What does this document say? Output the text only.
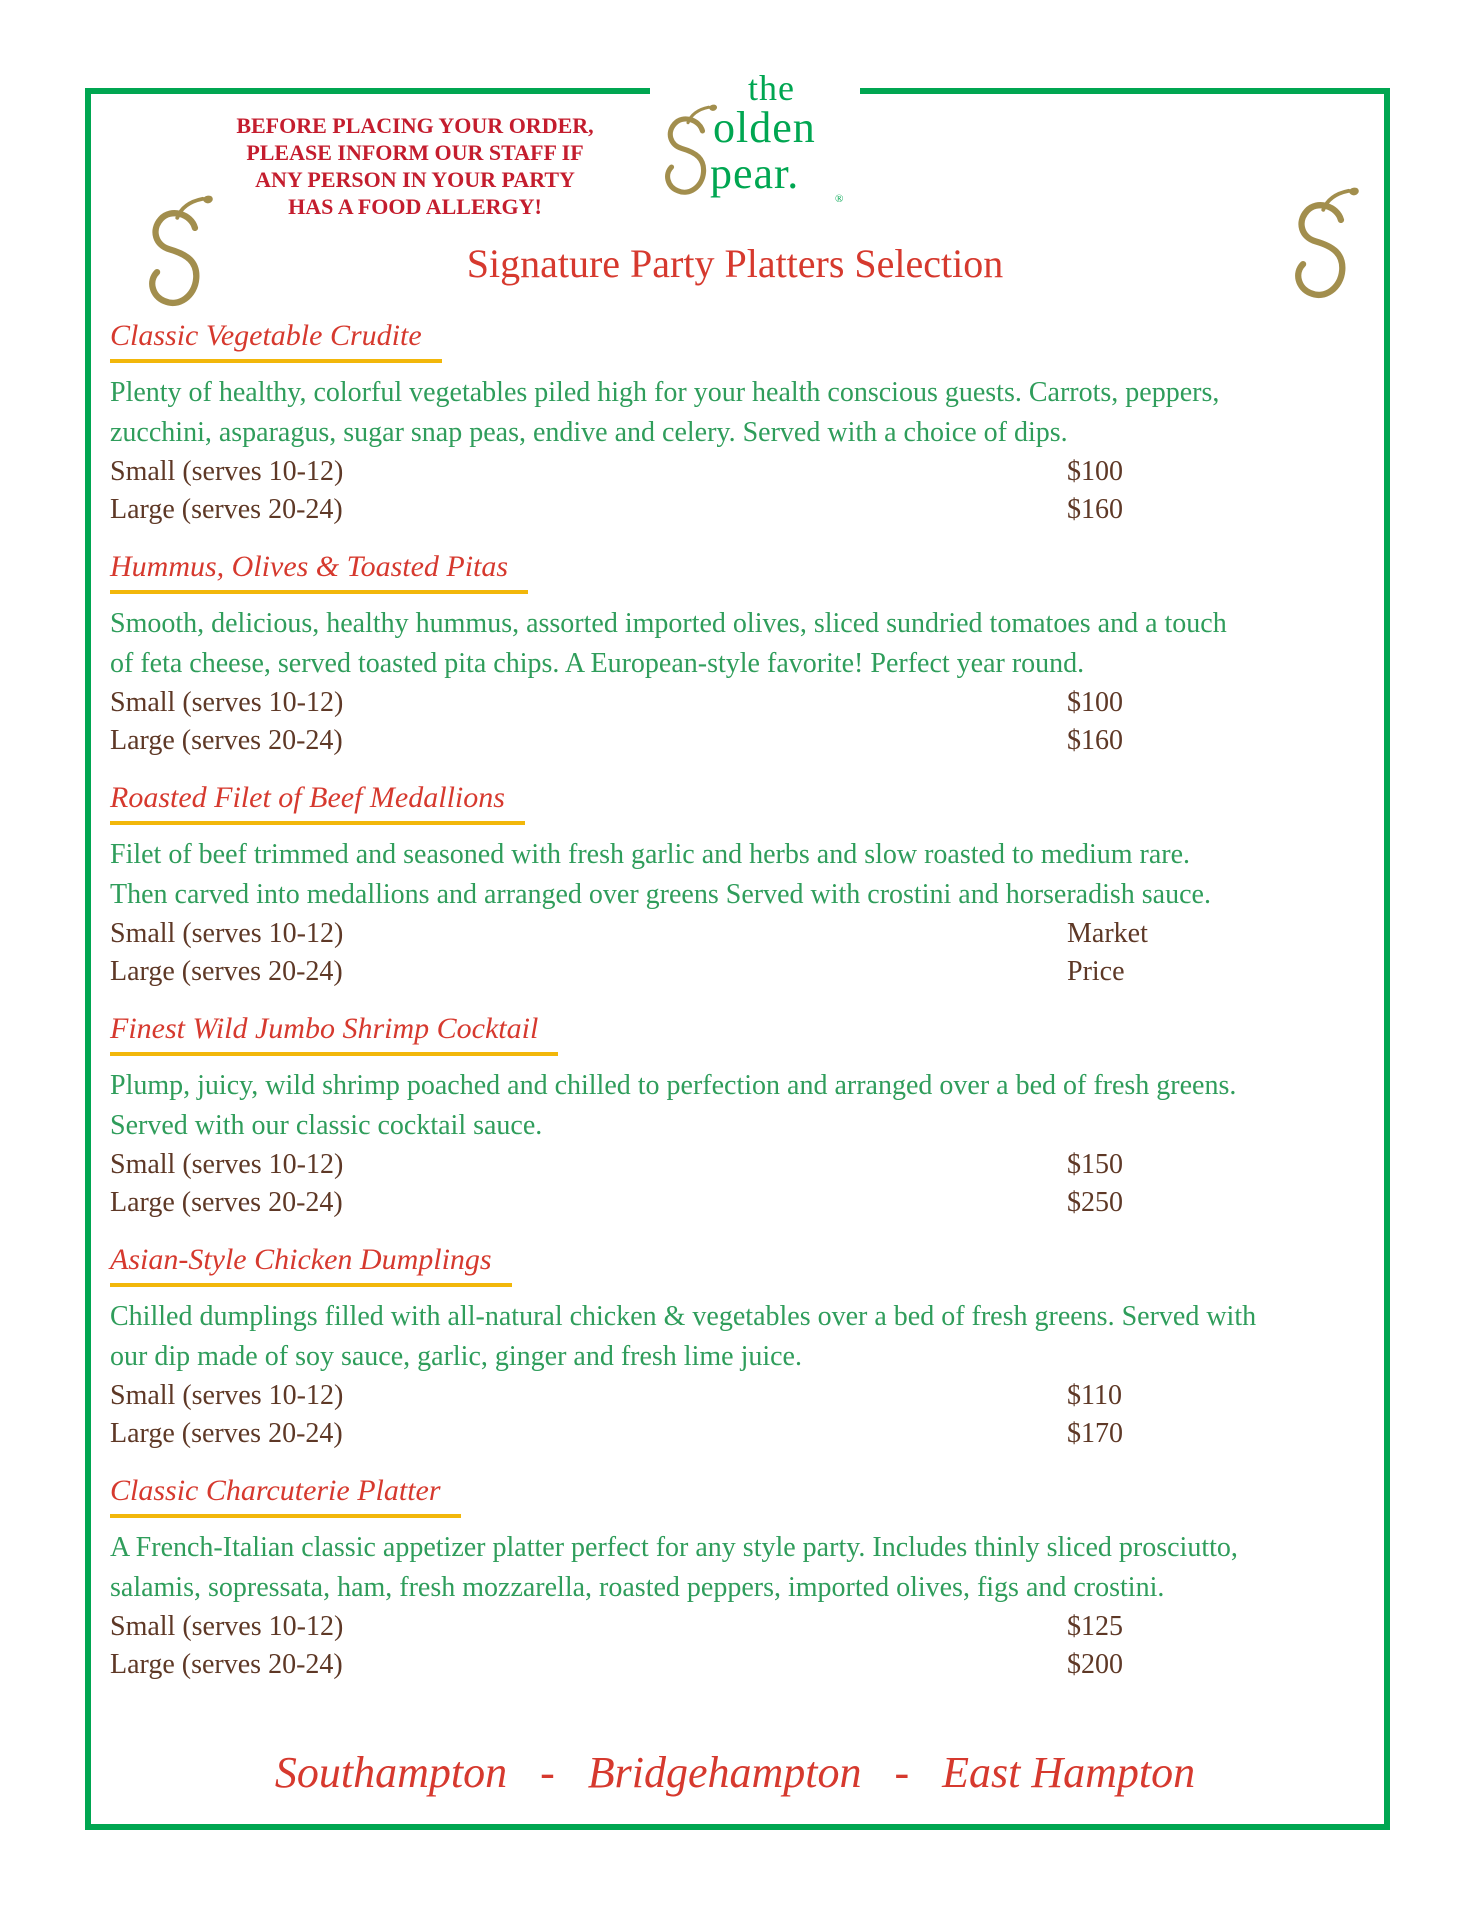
the
olden
pear.
®
BEFORE PLACING YOUR ORDER,
PLEASE INFORM OUR STAFF IF
ANY PERSON IN YOUR PARTY
HAS A FOOD ALLERGY!
Signature Party Platters Selection
Classic Vegetable Crudite

Plenty of healthy, colorful vegetables piled high for your health conscious guests. Carrots, peppers,
zucchini, asparagus, sugar snap peas, endive and celery. Served with a choice of dips.

Small (serves 10-12)	$100
Large (serves 20-24)	$160
Hummus, Olives & Toasted Pitas

Smooth, delicious, healthy hummus, assorted imported olives, sliced sundried tomatoes and a touch
of feta cheese, served toasted pita chips. A European-style favorite! Perfect year round.

Small (serves 10-12)	$100
Large (serves 20-24)	$160
Roasted Filet of Beef Medallions

Filet of beef trimmed and seasoned with fresh garlic and herbs and slow roasted to medium rare.
Then carved into medallions and arranged over greens Served with crostini and horseradish sauce.

Small (serves 10-12)	Market
Large (serves 20-24)	Price
Finest Wild Jumbo Shrimp Cocktail

Plump, juicy, wild shrimp poached and chilled to perfection and arranged over a bed of fresh greens.
Served with our classic cocktail sauce.

Small (serves 10-12)	$150
Large (serves 20-24)	$250
Asian-Style Chicken Dumplings

Chilled dumplings filled with all-natural chicken & vegetables over a bed of fresh greens. Served with
our dip made of soy sauce, garlic, ginger and fresh lime juice.

Small (serves 10-12)	$110
Large (serves 20-24)	$170
Classic Charcuterie Platter

A French-Italian classic appetizer platter perfect for any style party. Includes thinly sliced prosciutto,
salamis, sopressata, ham, fresh mozzarella, roasted peppers, imported olives, figs and crostini.

Small (serves 10-12)	$125
Large (serves 20-24)	$200
Southampton   -   Bridgehampton   -   East Hampton
